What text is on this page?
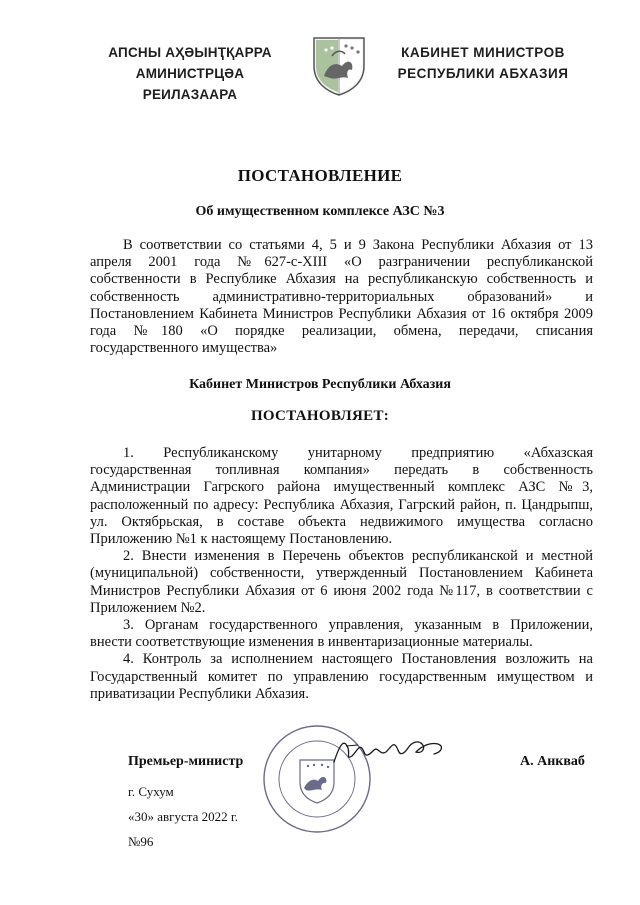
АПСНЫ АҲӘЫНҬҚАРРА
АМИНИСТРЦӘА РЕИЛАЗААРА
КАБИНЕТ МИНИСТРОВ
РЕСПУБЛИКИ АБХАЗИЯ
ПОСТАНОВЛЕНИЕ
Об имущественном комплексе АЗС №3

В соответствии со статьями 4, 5 и 9 Закона Республики Абхазия от 13 апреля 2001 года №627-с-XIII «О разграничении республиканской собственности в Республике Абхазия на республиканскую собственность и собственность административно-территориальных образований» и Постановлением Кабинета Министров Республики Абхазия от 16 октября 2009 года №180 «О порядке реализации, обмена, передачи, списания государственного имущества»

Кабинет Министров Республики Абхазия
ПОСТАНОВЛЯЕТ:

1. Республиканскому унитарному предприятию «Абхазская государственная топливная компания» передать в собственность Администрации Гагрского района имущественный комплекс АЗС №3, расположенный по адресу: Республика Абхазия, Гагрский район, п. Цандрыпш, ул. Октябрьская, в составе объекта недвижимого имущества согласно Приложению №1 к настоящему Постановлению.

2. Внести изменения в Перечень объектов республиканской и местной (муниципальной) собственности, утвержденный Постановлением Кабинета Министров Республики Абхазия от 6 июня 2002 года №117, в соответствии с Приложением №2.

3. Органам государственного управления, указанным в Приложении, внести соответствующие изменения в инвентаризационные материалы.

4. Контроль за исполнением настоящего Постановления возложить на Государственный комитет по управлению государственным имуществом и приватизации Республики Абхазия.

Премьер-министр	А. Анкваб
г. Сухум
«30» августа 2022 г.
№96
